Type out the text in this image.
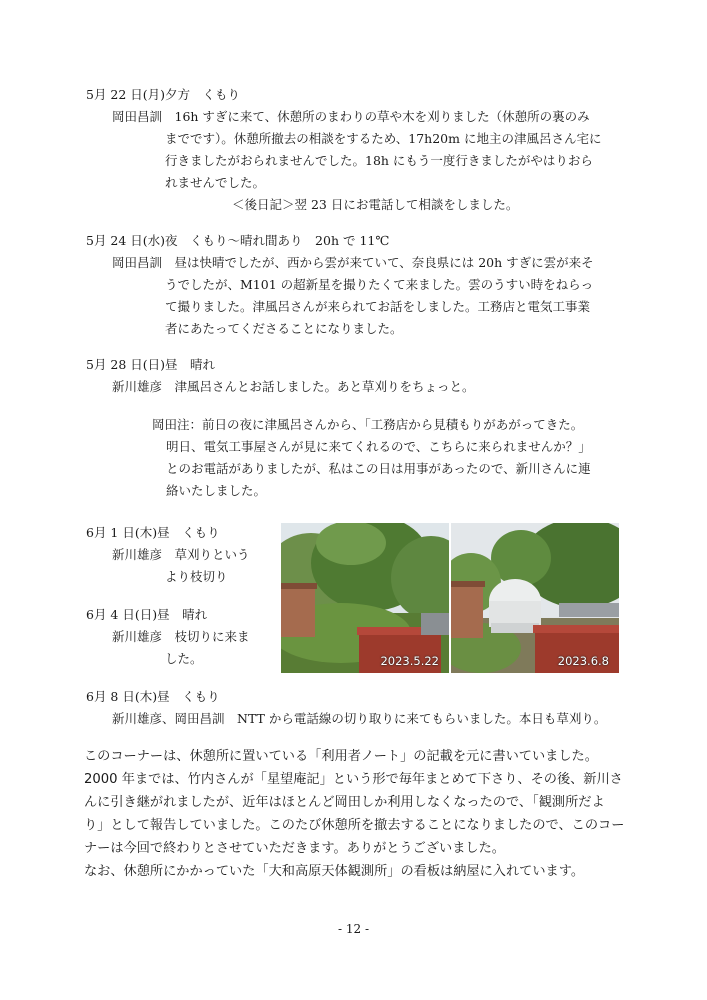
5月 22 日(月)夕方　くもり
岡田昌訓　16h すぎに来て、休憩所のまわりの草や木を刈りました（休憩所の裏のみ
までです）。休憩所撤去の相談をするため、17h20m に地主の津風呂さん宅に
行きましたがおられませんでした。18h にもう一度行きましたがやはりおら
れませんでした。
＜後日記＞翌 23 日にお電話して相談をしました。
5月 24 日(水)夜　くもり～晴れ間あり　20h で 11℃
岡田昌訓　昼は快晴でしたが、西から雲が来ていて、奈良県には 20h すぎに雲が来そ
うでしたが、M101 の超新星を撮りたくて来ました。雲のうすい時をねらっ
て撮りました。津風呂さんが来られてお話をしました。工務店と電気工事業
者にあたってくださることになりました。
5月 28 日(日)昼　晴れ
新川雄彦　津風呂さんとお話しました。あと草刈りをちょっと。
岡田注：前日の夜に津風呂さんから、「工務店から見積もりがあがってきた。
明日、電気工事屋さんが見に来てくれるので、こちらに来られませんか？」
とのお電話がありましたが、私はこの日は用事があったので、新川さんに連
絡いたしました。
6月 1 日(木)昼　くもり
新川雄彦　草刈りという
より枝切り
6月 4 日(日)昼　晴れ
新川雄彦　枝切りに来ま
した。	2023.5.22	2023.6.8
6月 8 日(木)昼　くもり
新川雄彦、岡田昌訓　NTT から電話線の切り取りに来てもらいました。本日も草刈り。
このコーナーは、休憩所に置いている「利用者ノート」の記載を元に書いていました。
2000 年までは、竹内さんが「星望庵記」という形で毎年まとめて下さり、その後、新川さ
んに引き継がれましたが、近年はほとんど岡田しか利用しなくなったので、「観測所だよ
り」として報告していました。このたび休憩所を撤去することになりましたので、このコー
ナーは今回で終わりとさせていただきます。ありがとうございました。
なお、休憩所にかかっていた「大和高原天体観測所」の看板は納屋に入れています。
- 12 -
